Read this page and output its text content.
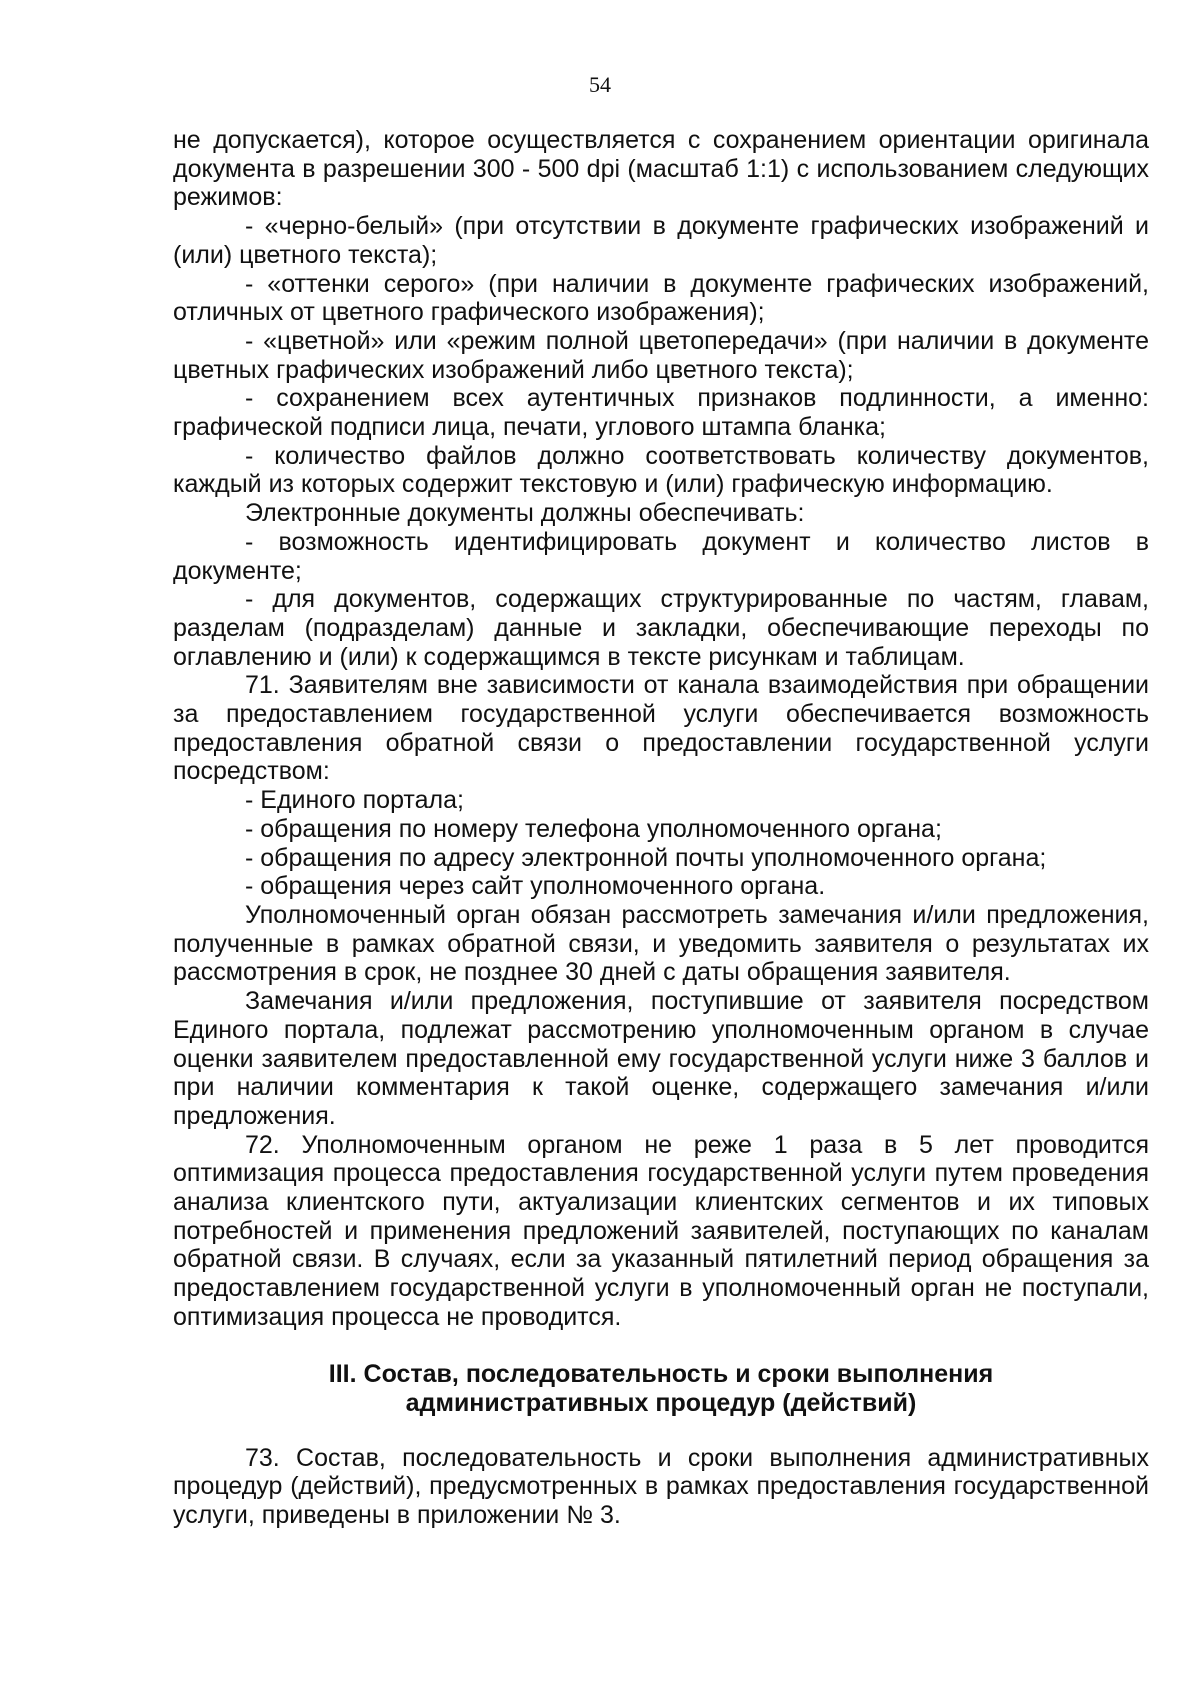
54

не допускается), которое осуществляется с сохранением ориентации оригинала документа в разрешении 300 - 500 dpi (масштаб 1:1) с использованием следующих режимов:

- «черно-белый» (при отсутствии в документе графических изображений и (или) цветного текста);

- «оттенки серого» (при наличии в документе графических изображений, отличных от цветного графического изображения);

- «цветной» или «режим полной цветопередачи» (при наличии в документе цветных графических изображений либо цветного текста);

- сохранением всех аутентичных признаков подлинности, а именно: графической подписи лица, печати, углового штампа бланка;

- количество файлов должно соответствовать количеству документов, каждый из которых содержит текстовую и (или) графическую информацию.

Электронные документы должны обеспечивать:

- возможность идентифицировать документ и количество листов в документе;

- для документов, содержащих структурированные по частям, главам, разделам (подразделам) данные и закладки, обеспечивающие переходы по оглавлению и (или) к содержащимся в тексте рисункам и таблицам.

71. Заявителям вне зависимости от канала взаимодействия при обращении за предоставлением государственной услуги обеспечивается возможность предоставления обратной связи о предоставлении государственной услуги посредством:

- Единого портала;

- обращения по номеру телефона уполномоченного органа;

- обращения по адресу электронной почты уполномоченного органа;

- обращения через сайт уполномоченного органа.

Уполномоченный орган обязан рассмотреть замечания и/или предложения, полученные в рамках обратной связи, и уведомить заявителя о результатах их рассмотрения в срок, не позднее 30 дней с даты обращения заявителя.

Замечания и/или предложения, поступившие от заявителя посредством Единого портала, подлежат рассмотрению уполномоченным органом в случае оценки заявителем предоставленной ему государственной услуги ниже 3 баллов и при наличии комментария к такой оценке, содержащего замечания и/или предложения.

72. Уполномоченным органом не реже 1 раза в 5 лет проводится оптимизация процесса предоставления государственной услуги путем проведения анализа клиентского пути, актуализации клиентских сегментов и их типовых потребностей и применения предложений заявителей, поступающих по каналам обратной связи. В случаях, если за указанный пятилетний период обращения за предоставлением государственной услуги в уполномоченный орган не поступали, оптимизация процесса не проводится.

III. Состав, последовательность и сроки выполнения
административных процедур (действий)

73. Состав, последовательность и сроки выполнения административных процедур (действий), предусмотренных в рамках предоставления государственной услуги, приведены в приложении № 3.
